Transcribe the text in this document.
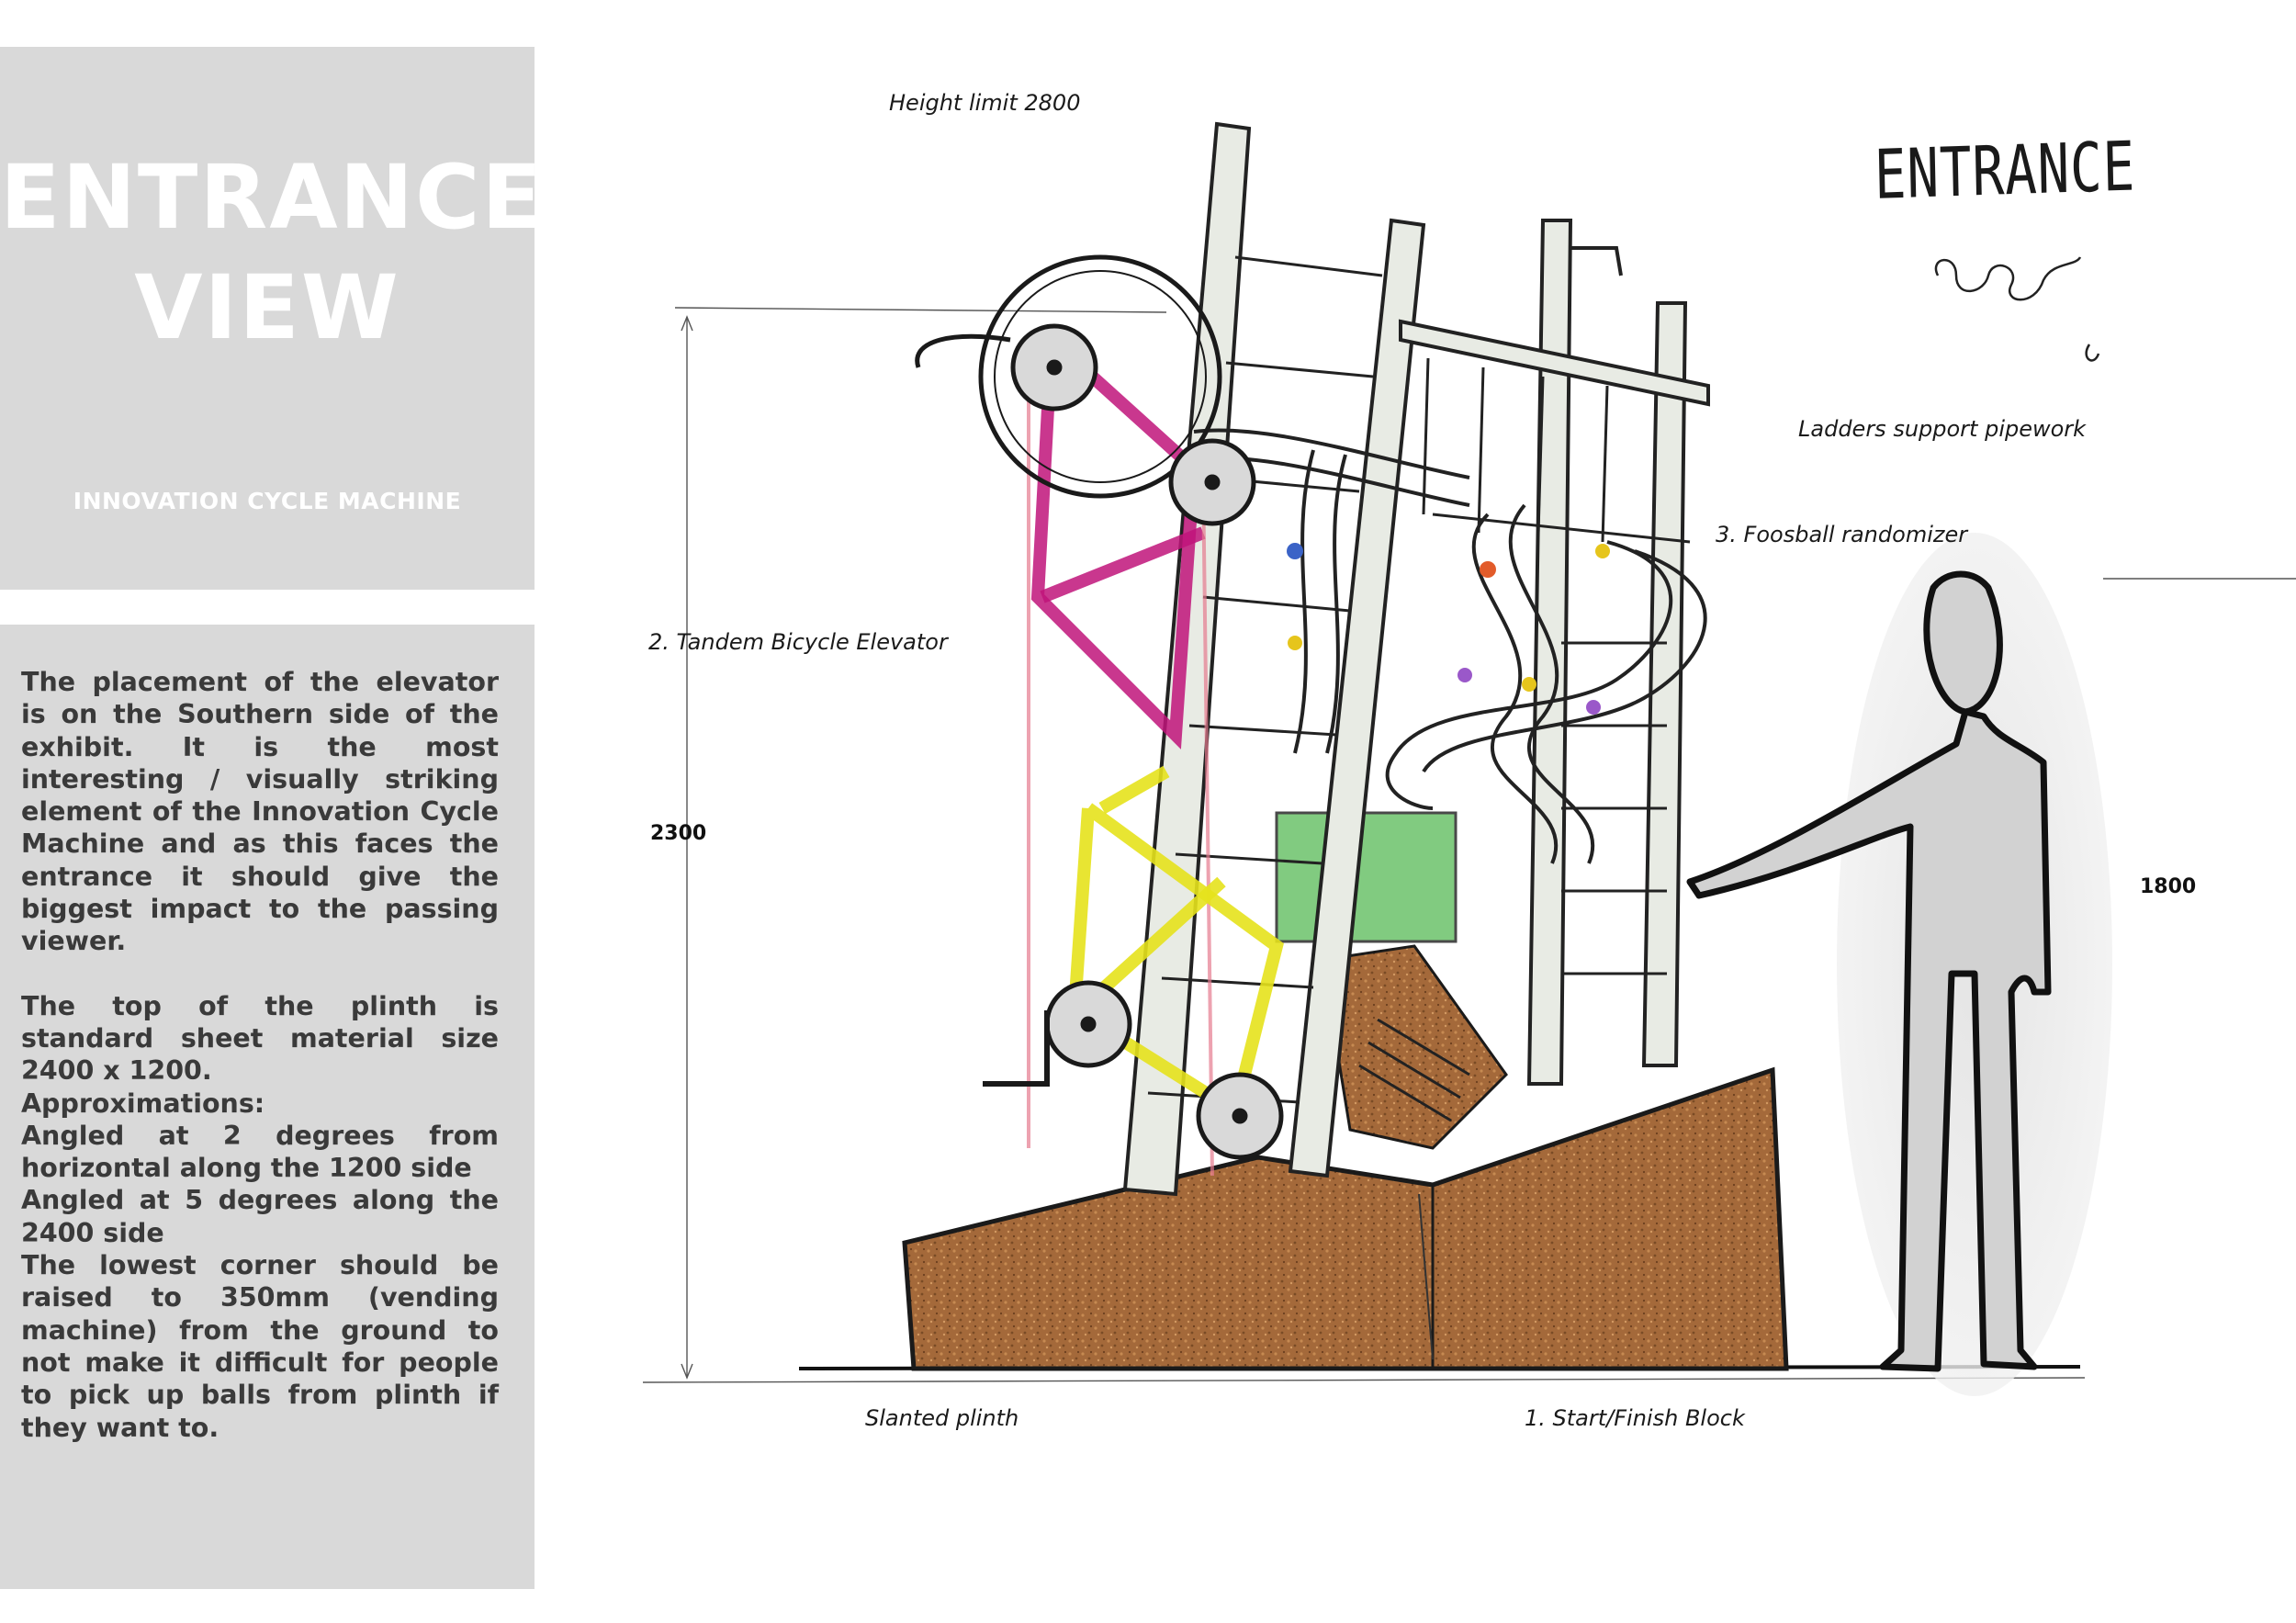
ENTRANCE
VIEW
INNOVATION CYCLE MACHINE

The placement of the elevator is on the Southern side of the exhibit. It is the most interesting / visually striking element of the Innovation Cycle Machine and as this faces the entrance it should give the biggest impact to the passing viewer.

The top of the plinth is standard sheet material size 2400 x 1200.

Approximations:

Angled at 2 degrees from horizontal along the 1200 side

Angled at 5 degrees along the 2400 side

The lowest corner should be raised to 350mm (vending machine) from the ground to not make it difficult for people to pick up balls from plinth if they want to.

ENTRANCE
Height limit 2800
Ladders support pipework
3. Foosball randomizer
2. Tandem Bicycle Elevator
Slanted plinth	1. Start/Finish Block
2300
1800
